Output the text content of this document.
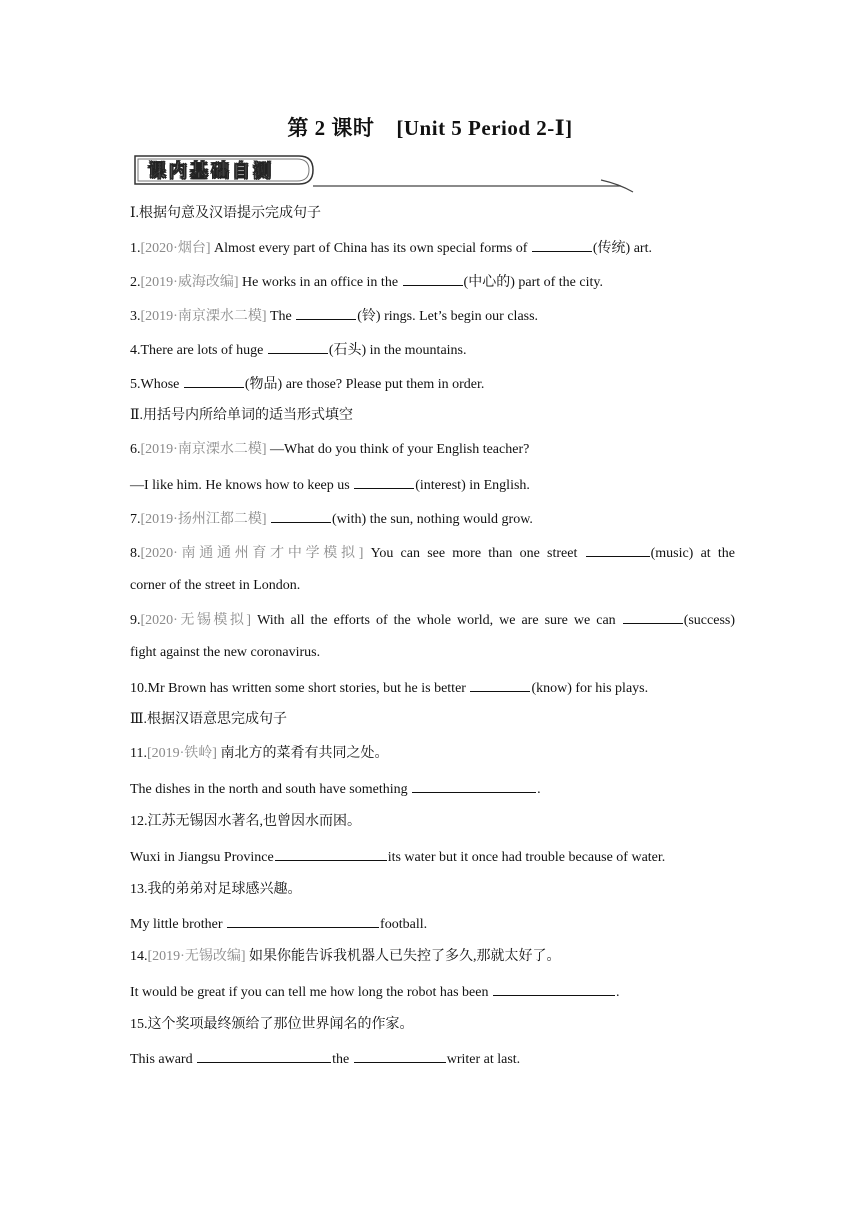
第 2 课时 [Unit 5 Period 2-Ⅰ]
课内基础自测
Ⅰ.根据句意及汉语提示完成句子
1.[2020·烟台] Almost every part of China has its own special forms of	(传统) art.
2.[2019·威海改编] He works in an office in the	(中心的) part of the city.
3.[2019·南京溧水二模] The	(铃) rings. Let’s begin our class.
4.There are lots of huge	(石头) in the mountains.
5.Whose	(物品) are those? Please put them in order.
Ⅱ.用括号内所给单词的适当形式填空
6.[2019·南京溧水二模] —What do you think of your English teacher?
—I like him. He knows how to keep us	(interest) in English.
7.[2019·扬州江都二模]	(with) the sun, nothing would grow.
8.[2020·南通通州育才中学模拟] You can see more than one street	(music) at the
corner of the street in London.
9.[2020·无锡模拟] With all the efforts of the whole world, we are sure we can	(success)
fight against the new coronavirus.
10.Mr Brown has written some short stories, but he is better	(know) for his plays.
Ⅲ.根据汉语意思完成句子
11.[2019·铁岭] 南北方的菜肴有共同之处。
The dishes in the north and south have something	.
12.江苏无锡因水著名,也曾因水而困。
Wuxi in Jiangsu Province	its water but it once had trouble because of water.
13.我的弟弟对足球感兴趣。
My little brother	football.
14.[2019·无锡改编] 如果你能告诉我机器人已失控了多久,那就太好了。
It would be great if you can tell me how long the robot has been	.
15.这个奖项最终颁给了那位世界闻名的作家。
This award	the	writer at last.
